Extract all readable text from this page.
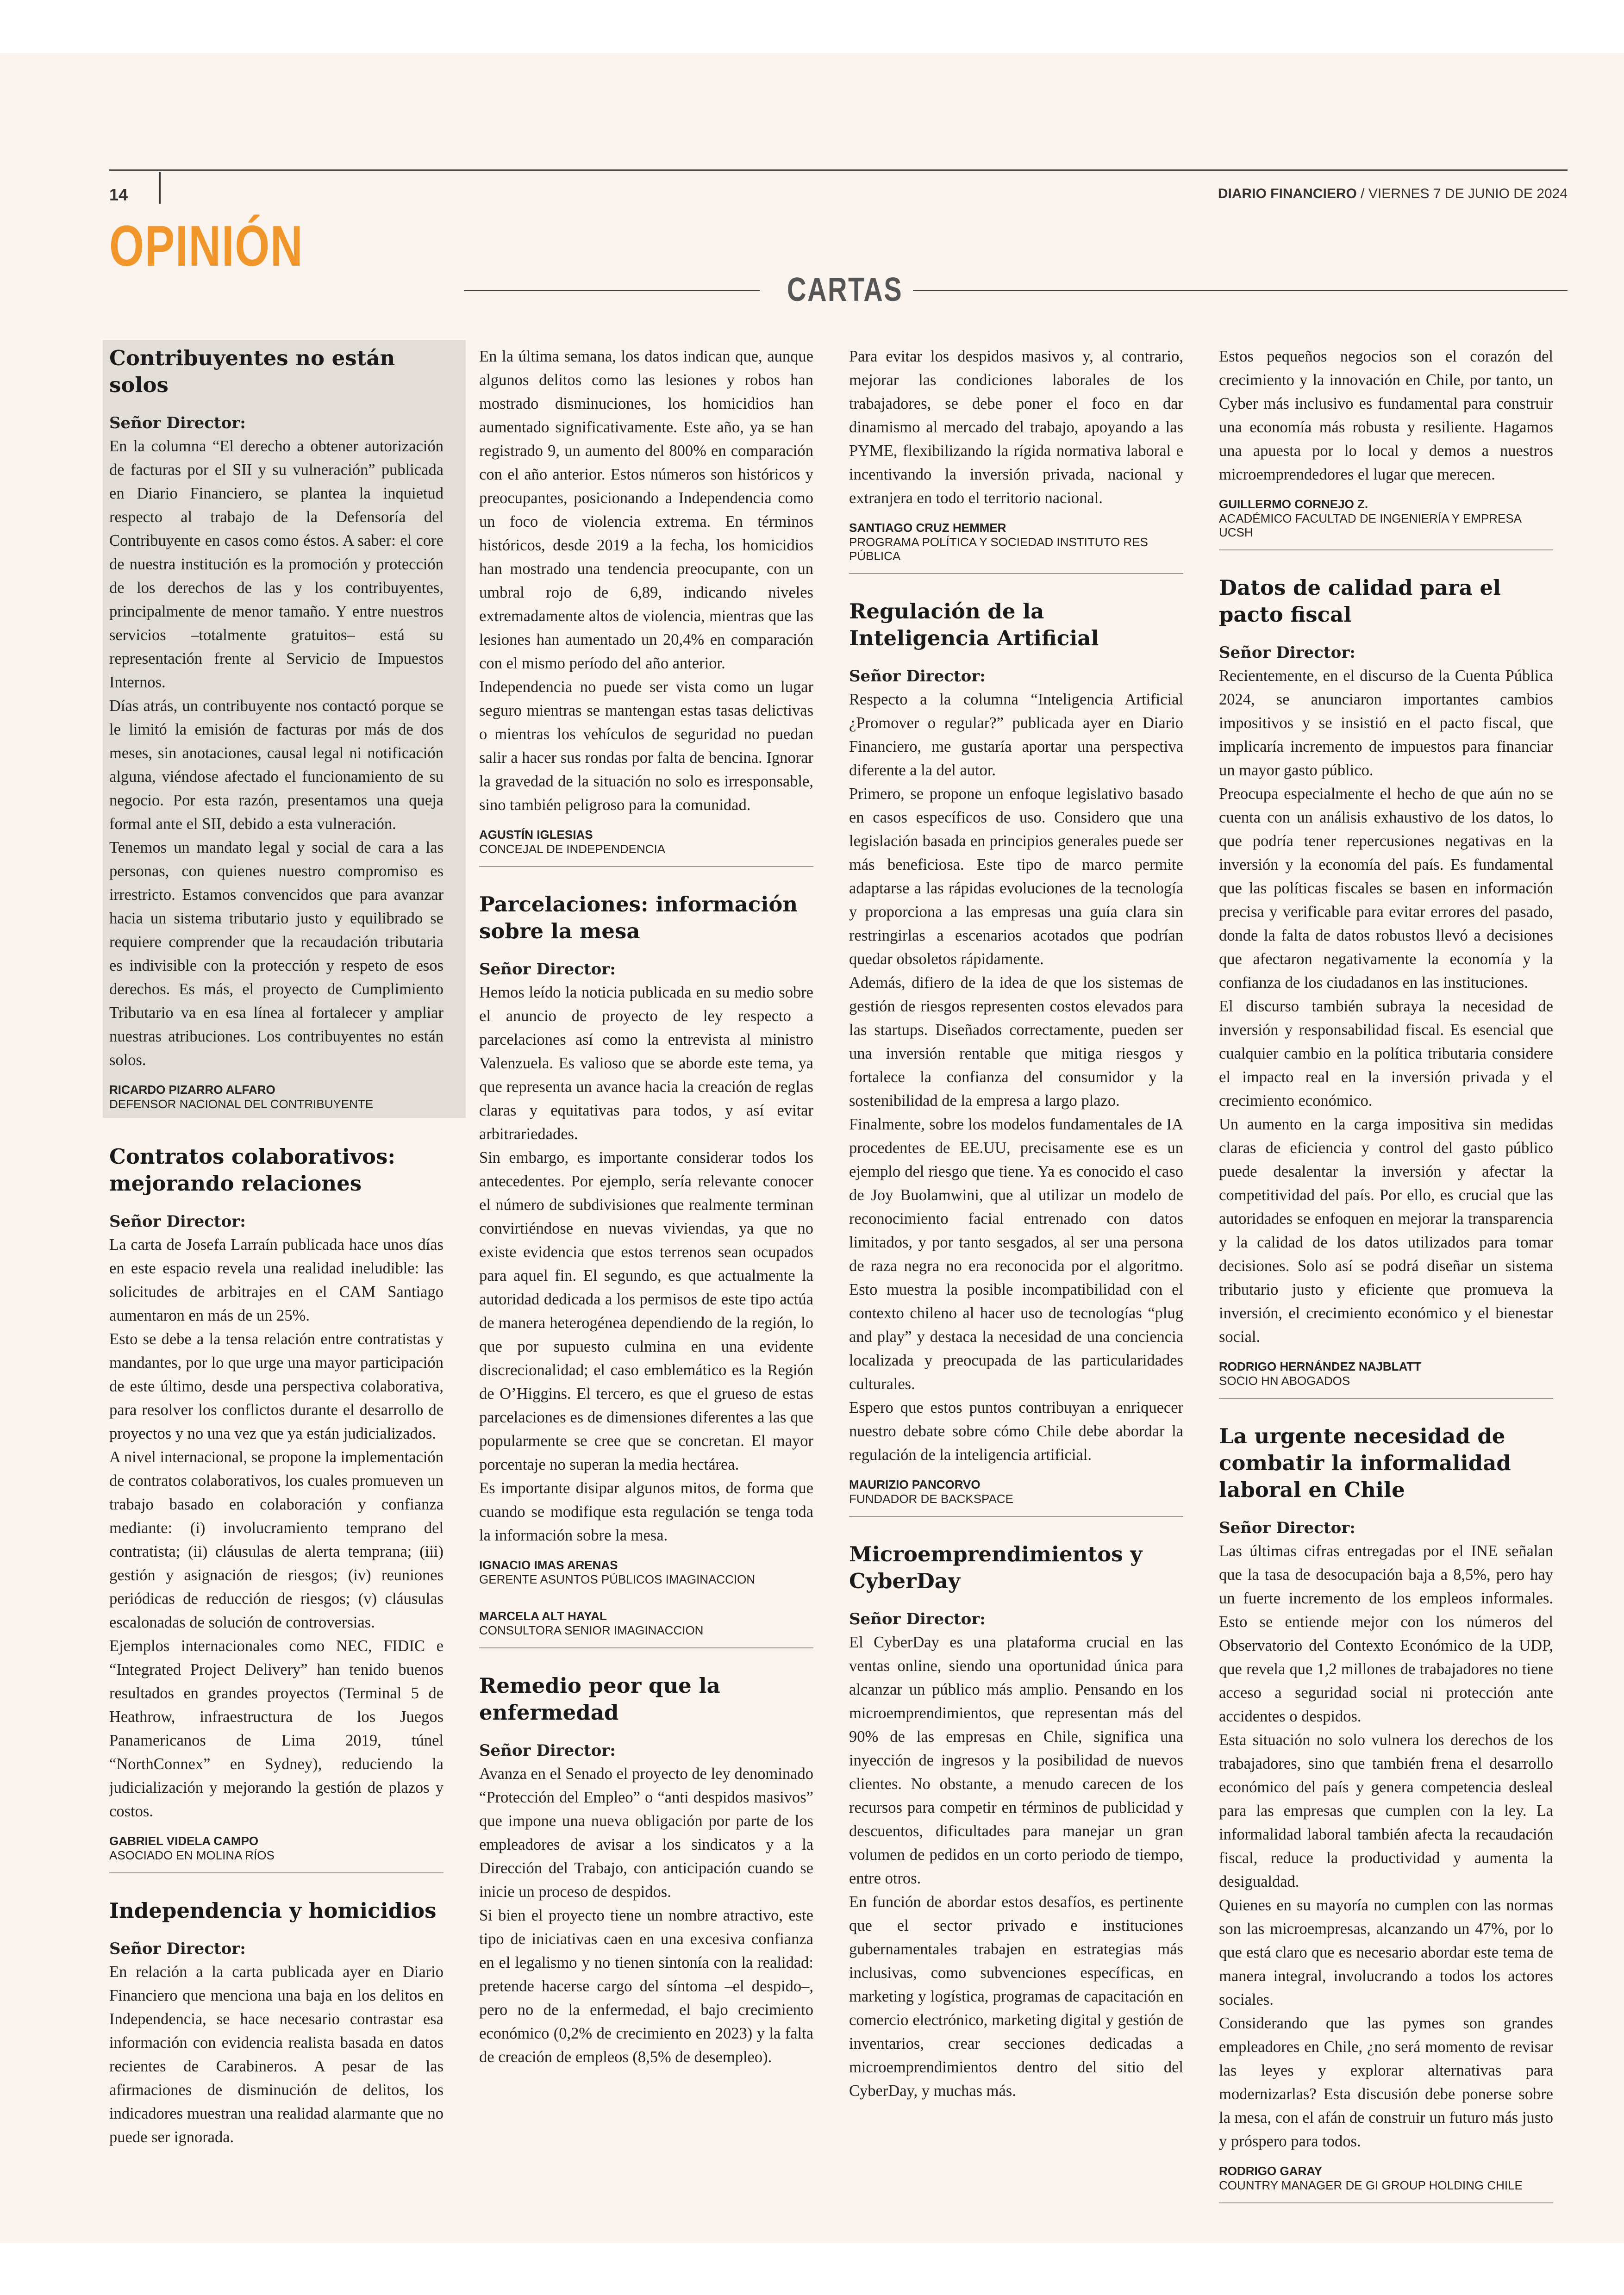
14	DIARIO FINANCIERO / VIERNES 7 DE JUNIO DE 2024
OPINIÓN
CARTAS
Contribuyentes no están solos
Señor Director:

En la columna “El derecho a obtener autorización de facturas por el SII y su vulneración” publicada en Diario Financiero, se plantea la inquietud respecto al trabajo de la Defensoría del Contribuyente en casos como éstos. A saber: el core de nuestra institución es la promoción y protección de los derechos de las y los contribuyentes, principalmente de menor tamaño. Y entre nuestros servicios –totalmente gratuitos– está su representación frente al Servicio de Impuestos Internos.

Días atrás, un contribuyente nos contactó porque se le limitó la emisión de facturas por más de dos meses, sin anotaciones, causal legal ni notificación alguna, viéndose afectado el funcionamiento de su negocio. Por esta razón, presentamos una queja formal ante el SII, debido a esta vulneración.

Tenemos un mandato legal y social de cara a las personas, con quienes nuestro compromiso es irrestricto. Estamos convencidos que para avanzar hacia un sistema tributario justo y equilibrado se requiere comprender que la recaudación tributaria es indivisible con la protección y respeto de esos derechos. Es más, el proyecto de Cumplimiento Tributario va en esa línea al fortalecer y ampliar nuestras atribuciones. Los contribuyentes no están solos.

RICARDO PIZARRO ALFARO
DEFENSOR NACIONAL DEL CONTRIBUYENTE
Contratos colaborativos: mejorando relaciones
Señor Director:

La carta de Josefa Larraín publicada hace unos días en este espacio revela una realidad ineludible: las solicitudes de arbitrajes en el CAM Santiago aumentaron en más de un 25%.

Esto se debe a la tensa relación entre contratistas y mandantes, por lo que urge una mayor participación de este último, desde una perspectiva colaborativa, para resolver los conflictos durante el desarrollo de proyectos y no una vez que ya están judicializados.

A nivel internacional, se propone la implementación de contratos colaborativos, los cuales promueven un trabajo basado en colaboración y confianza mediante: (i) involucramiento temprano del contratista; (ii) cláusulas de alerta temprana; (iii) gestión y asignación de riesgos; (iv) reuniones periódicas de reducción de riesgos; (v) cláusulas escalonadas de solución de controversias.

Ejemplos internacionales como NEC, FIDIC e “Integrated Project Delivery” han tenido buenos resultados en grandes proyectos (Terminal 5 de Heathrow, infraestructura de los Juegos Panamericanos de Lima 2019, túnel “NorthConnex” en Sydney), reduciendo la judicialización y mejorando la gestión de plazos y costos.

GABRIEL VIDELA CAMPO
ASOCIADO EN MOLINA RÍOS
Independencia y homicidios
Señor Director:

En relación a la carta publicada ayer en Diario Financiero que menciona una baja en los delitos en Independencia, se hace necesario contrastar esa información con evidencia realista basada en datos recientes de Carabineros. A pesar de las afirmaciones de disminución de delitos, los indicadores muestran una realidad alarmante que no puede ser ignorada.

En la última semana, los datos indican que, aunque algunos delitos como las lesiones y robos han mostrado disminuciones, los homicidios han aumentado significativamente. Este año, ya se han registrado 9, un aumento del 800% en comparación con el año anterior. Estos números son históricos y preocupantes, posicionando a Independencia como un foco de violencia extrema. En términos históricos, desde 2019 a la fecha, los homicidios han mostrado una tendencia preocupante, con un umbral rojo de 6,89, indicando niveles extremadamente altos de violencia, mientras que las lesiones han aumentado un 20,4% en comparación con el mismo período del año anterior.

Independencia no puede ser vista como un lugar seguro mientras se mantengan estas tasas delictivas o mientras los vehículos de seguridad no puedan salir a hacer sus rondas por falta de bencina. Ignorar la gravedad de la situación no solo es irresponsable, sino también peligroso para la comunidad.

AGUSTÍN IGLESIAS
CONCEJAL DE INDEPENDENCIA
Parcelaciones: información sobre la mesa
Señor Director:

Hemos leído la noticia publicada en su medio sobre el anuncio de proyecto de ley respecto a parcelaciones así como la entrevista al ministro Valenzuela. Es valioso que se aborde este tema, ya que representa un avance hacia la creación de reglas claras y equitativas para todos, y así evitar arbitrariedades.

Sin embargo, es importante considerar todos los antecedentes. Por ejemplo, sería relevante conocer el número de subdivisiones que realmente terminan convirtiéndose en nuevas viviendas, ya que no existe evidencia que estos terrenos sean ocupados para aquel fin. El segundo, es que actualmente la autoridad dedicada a los permisos de este tipo actúa de manera heterogénea dependiendo de la región, lo que por supuesto culmina en una evidente discrecionalidad; el caso emblemático es la Región de O’Higgins. El tercero, es que el grueso de estas parcelaciones es de dimensiones diferentes a las que popularmente se cree que se concretan. El mayor porcentaje no superan la media hectárea.

Es importante disipar algunos mitos, de forma que cuando se modifique esta regulación se tenga toda la información sobre la mesa.

IGNACIO IMAS ARENAS
GERENTE ASUNTOS PÚBLICOS IMAGINACCION
MARCELA ALT HAYAL
CONSULTORA SENIOR IMAGINACCION
Remedio peor que la enfermedad
Señor Director:

Avanza en el Senado el proyecto de ley denominado “Protección del Empleo” o “anti despidos masivos” que impone una nueva obligación por parte de los empleadores de avisar a los sindicatos y a la Dirección del Trabajo, con anticipación cuando se inicie un proceso de despidos.

Si bien el proyecto tiene un nombre atractivo, este tipo de iniciativas caen en una excesiva confianza en el legalismo y no tienen sintonía con la realidad: pretende hacerse cargo del síntoma –el despido–, pero no de la enfermedad, el bajo crecimiento económico (0,2% de crecimiento en 2023) y la falta de creación de empleos (8,5% de desempleo).

Para evitar los despidos masivos y, al contrario, mejorar las condiciones laborales de los trabajadores, se debe poner el foco en dar dinamismo al mercado del trabajo, apoyando a las PYME, flexibilizando la rígida normativa laboral e incentivando la inversión privada, nacional y extranjera en todo el territorio nacional.

SANTIAGO CRUZ HEMMER
PROGRAMA POLÍTICA Y SOCIEDAD INSTITUTO RES PÚBLICA
Regulación de la Inteligencia Artificial
Señor Director:

Respecto a la columna “Inteligencia Artificial ¿Promover o regular?” publicada ayer en Diario Financiero, me gustaría aportar una perspectiva diferente a la del autor.

Primero, se propone un enfoque legislativo basado en casos específicos de uso. Considero que una legislación basada en principios generales puede ser más beneficiosa. Este tipo de marco permite adaptarse a las rápidas evoluciones de la tecnología y proporciona a las empresas una guía clara sin restringirlas a escenarios acotados que podrían quedar obsoletos rápidamente.

Además, difiero de la idea de que los sistemas de gestión de riesgos representen costos elevados para las startups. Diseñados correctamente, pueden ser una inversión rentable que mitiga riesgos y fortalece la confianza del consumidor y la sostenibilidad de la empresa a largo plazo.

Finalmente, sobre los modelos fundamentales de IA procedentes de EE.UU, precisamente ese es un ejemplo del riesgo que tiene. Ya es conocido el caso de Joy Buolamwini, que al utilizar un modelo de reconocimiento facial entrenado con datos limitados, y por tanto sesgados, al ser una persona de raza negra no era reconocida por el algoritmo. Esto muestra la posible incompatibilidad con el contexto chileno al hacer uso de tecnologías “plug and play” y destaca la necesidad de una conciencia localizada y preocupada de las particularidades culturales.

Espero que estos puntos contribuyan a enriquecer nuestro debate sobre cómo Chile debe abordar la regulación de la inteligencia artificial.

MAURIZIO PANCORVO
FUNDADOR DE BACKSPACE
Microemprendimientos y CyberDay
Señor Director:

El CyberDay es una plataforma crucial en las ventas online, siendo una oportunidad única para alcanzar un público más amplio. Pensando en los microemprendimientos, que representan más del 90% de las empresas en Chile, significa una inyección de ingresos y la posibilidad de nuevos clientes. No obstante, a menudo carecen de los recursos para competir en términos de publicidad y descuentos, dificultades para manejar un gran volumen de pedidos en un corto periodo de tiempo, entre otros.

En función de abordar estos desafíos, es pertinente que el sector privado e instituciones gubernamentales trabajen en estrategias más inclusivas, como subvenciones específicas, en marketing y logística, programas de capacitación en comercio electrónico, marketing digital y gestión de inventarios, crear secciones dedicadas a microemprendimientos dentro del sitio del CyberDay, y muchas más.

Estos pequeños negocios son el corazón del crecimiento y la innovación en Chile, por tanto, un Cyber más inclusivo es fundamental para construir una economía más robusta y resiliente. Hagamos una apuesta por lo local y demos a nuestros microemprendedores el lugar que merecen.

GUILLERMO CORNEJO Z.
ACADÉMICO FACULTAD DE INGENIERÍA Y EMPRESA UCSH
Datos de calidad para el pacto fiscal
Señor Director:

Recientemente, en el discurso de la Cuenta Pública 2024, se anunciaron importantes cambios impositivos y se insistió en el pacto fiscal, que implicaría incremento de impuestos para financiar un mayor gasto público.

Preocupa especialmente el hecho de que aún no se cuenta con un análisis exhaustivo de los datos, lo que podría tener repercusiones negativas en la inversión y la economía del país. Es fundamental que las políticas fiscales se basen en información precisa y verificable para evitar errores del pasado, donde la falta de datos robustos llevó a decisiones que afectaron negativamente la economía y la confianza de los ciudadanos en las instituciones.

El discurso también subraya la necesidad de inversión y responsabilidad fiscal. Es esencial que cualquier cambio en la política tributaria considere el impacto real en la inversión privada y el crecimiento económico.

Un aumento en la carga impositiva sin medidas claras de eficiencia y control del gasto público puede desalentar la inversión y afectar la competitividad del país. Por ello, es crucial que las autoridades se enfoquen en mejorar la transparencia y la calidad de los datos utilizados para tomar decisiones. Solo así se podrá diseñar un sistema tributario justo y eficiente que promueva la inversión, el crecimiento económico y el bienestar social.

RODRIGO HERNÁNDEZ NAJBLATT
SOCIO HN ABOGADOS
La urgente necesidad de combatir la informalidad laboral en Chile
Señor Director:

Las últimas cifras entregadas por el INE señalan que la tasa de desocupación baja a 8,5%, pero hay un fuerte incremento de los empleos informales. Esto se entiende mejor con los números del Observatorio del Contexto Económico de la UDP, que revela que 1,2 millones de trabajadores no tiene acceso a seguridad social ni protección ante accidentes o despidos.

Esta situación no solo vulnera los derechos de los trabajadores, sino que también frena el desarrollo económico del país y genera competencia desleal para las empresas que cumplen con la ley. La informalidad laboral también afecta la recaudación fiscal, reduce la productividad y aumenta la desigualdad.

Quienes en su mayoría no cumplen con las normas son las microempresas, alcanzando un 47%, por lo que está claro que es necesario abordar este tema de manera integral, involucrando a todos los actores sociales.

Considerando que las pymes son grandes empleadores en Chile, ¿no será momento de revisar las leyes y explorar alternativas para modernizarlas? Esta discusión debe ponerse sobre la mesa, con el afán de construir un futuro más justo y próspero para todos.

RODRIGO GARAY
COUNTRY MANAGER DE GI GROUP HOLDING CHILE
